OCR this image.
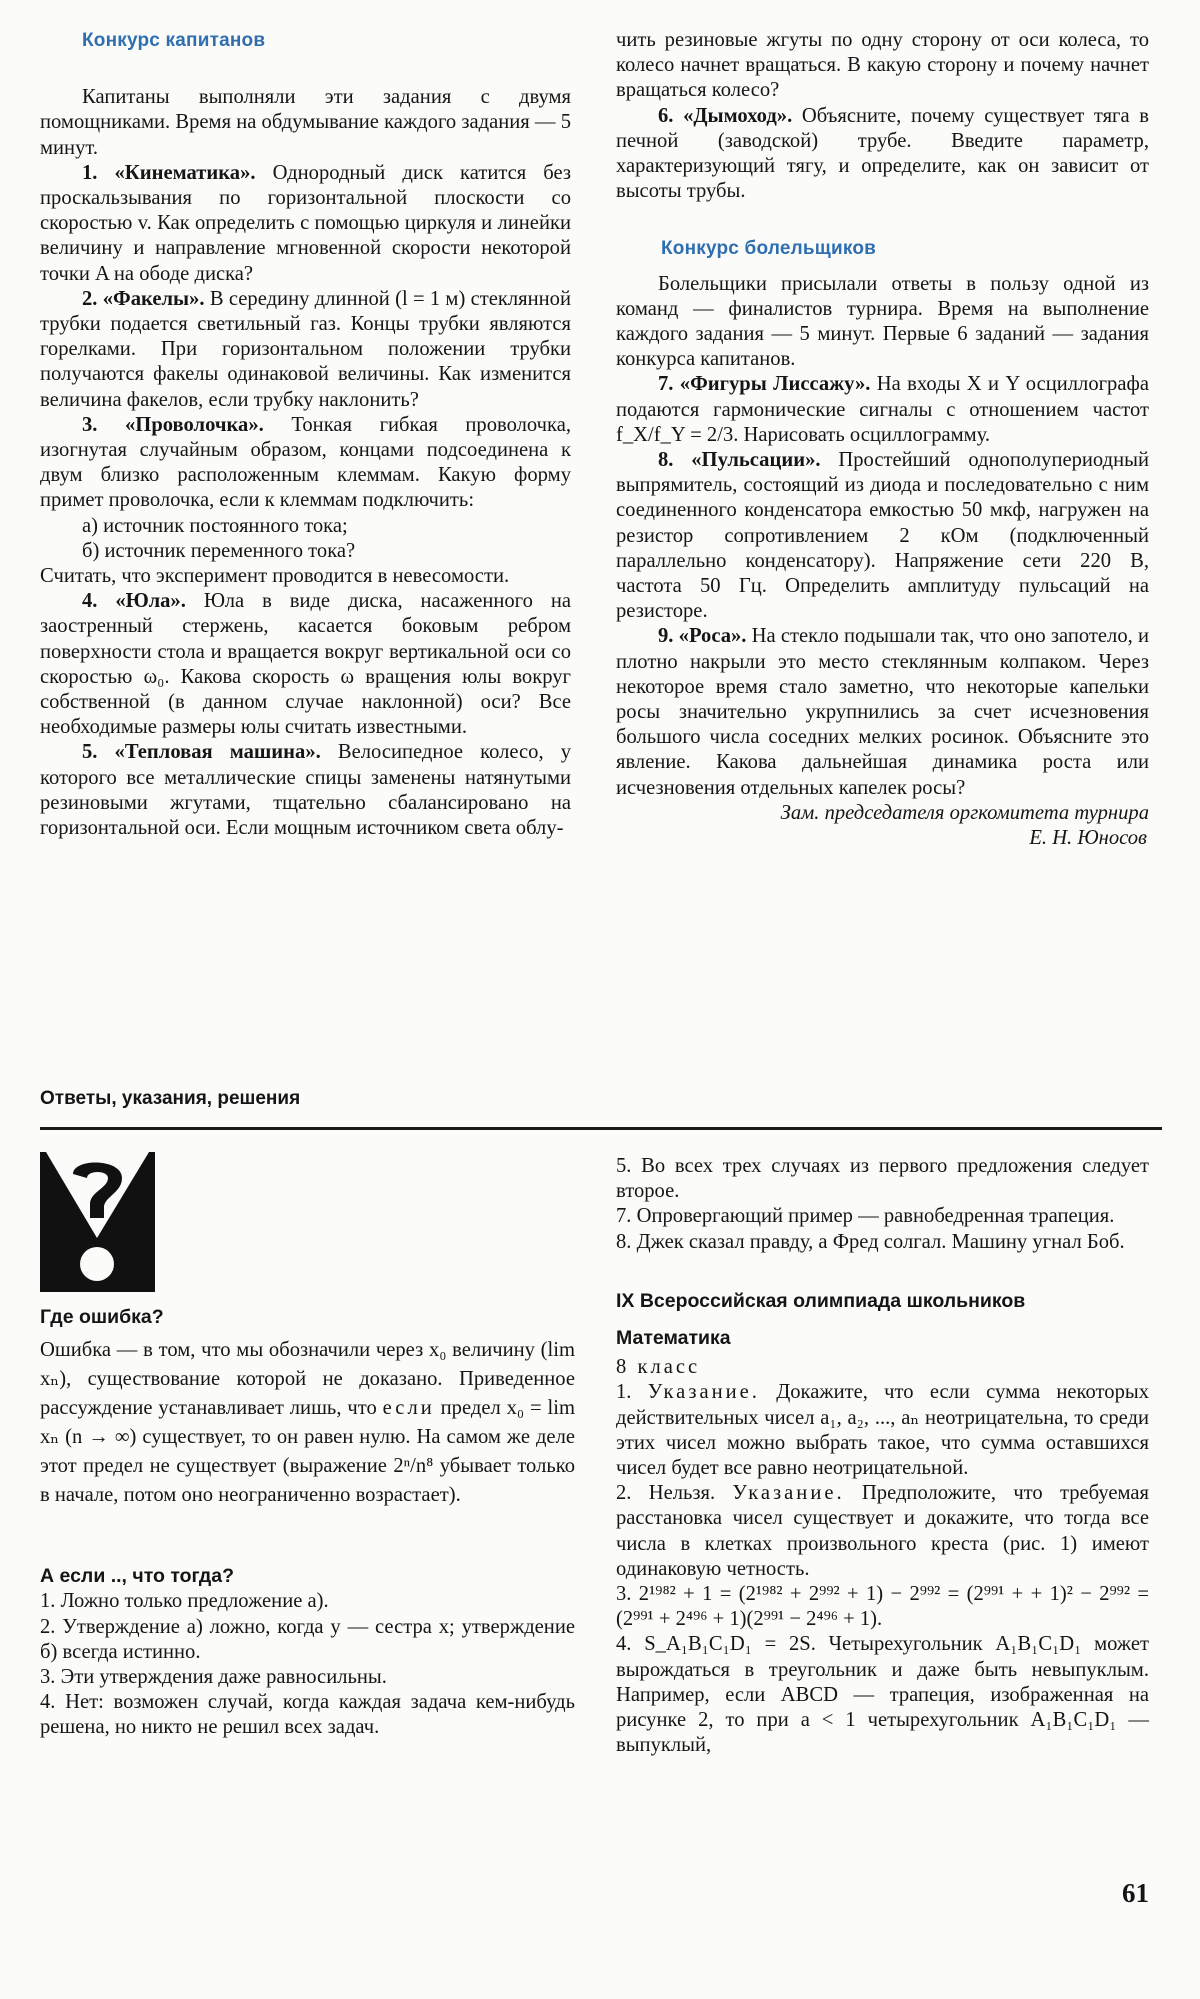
Конкурс капитанов

Капитаны выполняли эти задания с двумя помощниками. Время на обдумывание каждого задания — 5 минут.

1. «Кинематика». Однородный диск катится без проскальзывания по горизонтальной плоскости со скоростью v. Как определить с помощью циркуля и линейки величину и направление мгновенной скорости некоторой точки A на ободе диска?

2. «Факелы». В середину длинной (l = 1 м) стеклянной трубки подается светильный газ. Концы трубки являются горелками. При горизонтальном положении трубки получаются факелы одинаковой величины. Как изменится величина факелов, если трубку наклонить?

3. «Проволочка». Тонкая гибкая проволочка, изогнутая случайным образом, концами подсоединена к двум близко расположенным клеммам. Какую форму примет проволочка, если к клеммам подключить:

а) источник постоянного тока;

б) источник переменного тока?

Считать, что эксперимент проводится в невесомости.

4. «Юла». Юла в виде диска, насаженного на заостренный стержень, касается боковым ребром поверхности стола и вращается вокруг вертикальной оси со скоростью ω₀. Какова скорость ω вращения юлы вокруг собственной (в данном случае наклонной) оси? Все необходимые размеры юлы считать известными.

5. «Тепловая машина». Велосипедное колесо, у которого все металлические спицы заменены натянутыми резиновыми жгутами, тщательно сбалансировано на горизонтальной оси. Если мощным источником света облу-

чить резиновые жгуты по одну сторону от оси колеса, то колесо начнет вращаться. В какую сторону и почему начнет вращаться колесо?

6. «Дымоход». Объясните, почему существует тяга в печной (заводской) трубе. Введите параметр, характеризующий тягу, и определите, как он зависит от высоты трубы.

Конкурс болельщиков

Болельщики присылали ответы в пользу одной из команд — финалистов турнира. Время на выполнение каждого задания — 5 минут. Первые 6 заданий — задания конкурса капитанов.

7. «Фигуры Лиссажу». На входы X и Y осциллографа подаются гармонические сигналы с отношением частот f_X/f_Y = 2/3. Нарисовать осциллограмму.

8. «Пульсации». Простейший однополупериодный выпрямитель, состоящий из диода и последовательно с ним соединенного конденсатора емкостью 50 мкф, нагружен на резистор сопротивлением 2 кОм (подключенный параллельно конденсатору). Напряжение сети 220 В, частота 50 Гц. Определить амплитуду пульсаций на резисторе.

9. «Роса». На стекло подышали так, что оно запотело, и плотно накрыли это место стеклянным колпаком. Через некоторое время стало заметно, что некоторые капельки росы значительно укрупнились за счет исчезновения большого числа соседних мелких росинок. Объясните это явление. Какова дальнейшая динамика роста или исчезновения отдельных капелек росы?

Зам. председателя оргкомитета турнира

Е. Н. Юносов

Ответы, указания, решения

Где ошибка?

Ошибка — в том, что мы обозначили через x₀ величину (lim xₙ), существование которой не доказано. Приведенное рассуждение устанавливает лишь, что если предел x₀ = lim xₙ (n → ∞) существует, то он равен нулю. На самом же деле этот предел не существует (выражение 2ⁿ/n⁸ убывает только в начале, потом оно неограниченно возрастает).

А если .., что тогда?

1. Ложно только предложение а).

2. Утверждение а) ложно, когда y — сестра x; утверждение б) всегда истинно.

3. Эти утверждения даже равносильны.

4. Нет: возможен случай, когда каждая задача кем-нибудь решена, но никто не решил всех задач.

5. Во всех трех случаях из первого предложения следует второе.

7. Опровергающий пример — равнобедренная трапеция.

8. Джек сказал правду, а Фред солгал. Машину угнал Боб.

IX Всероссийская олимпиада школьников

Математика

8 класс

1. Указание. Докажите, что если сумма некоторых действительных чисел a₁, a₂, ..., aₙ неотрицательна, то среди этих чисел можно выбрать такое, что сумма оставшихся чисел будет все равно неотрицательной.

2. Нельзя. Указание. Предположите, что требуемая расстановка чисел существует и докажите, что тогда все числа в клетках произвольного креста (рис. 1) имеют одинаковую четность.

3. 2¹⁹⁸² + 1 = (2¹⁹⁸² + 2⁹⁹² + 1) − 2⁹⁹² = (2⁹⁹¹ + + 1)² − 2⁹⁹² = (2⁹⁹¹ + 2⁴⁹⁶ + 1)(2⁹⁹¹ − 2⁴⁹⁶ + 1).

4. S_A₁B₁C₁D₁ = 2S. Четырехугольник A₁B₁C₁D₁ может вырождаться в треугольник и даже быть невыпуклым. Например, если ABCD — трапеция, изображенная на рисунке 2, то при a < 1 четырехугольник A₁B₁C₁D₁ — выпуклый,

61
